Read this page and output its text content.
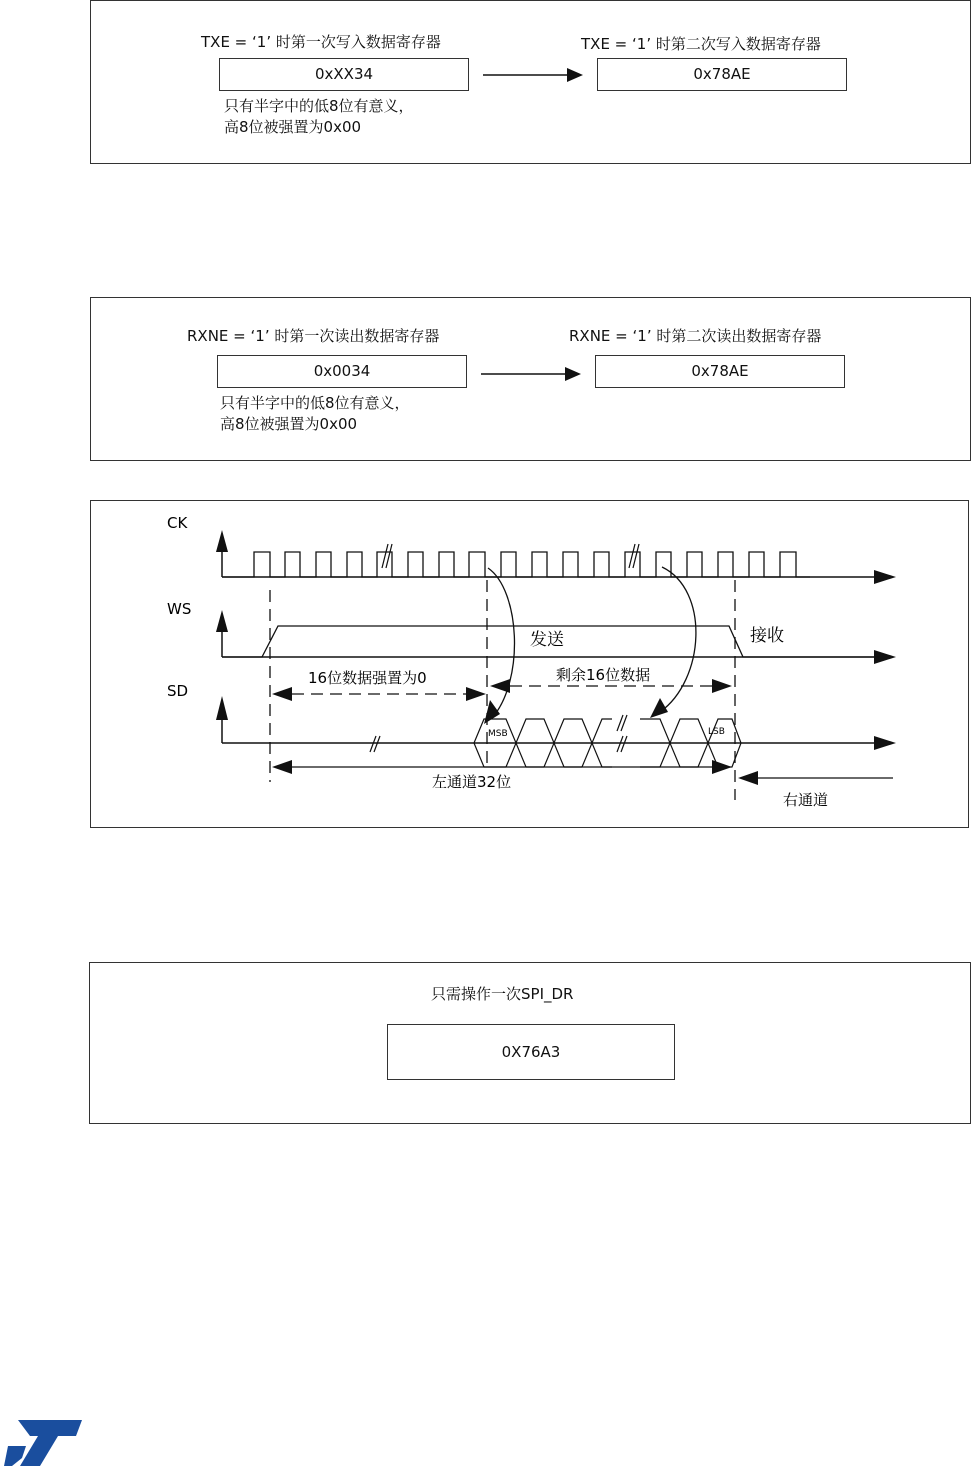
TXE = ‘1’ 时第一次写入数据寄存器	TXE = ‘1’ 时第二次写入数据寄存器
0xXX34	0x78AE
只有半字中的低8位有意义，
高8位被强置为0x00
RXNE = ‘1’ 时第一次读出数据寄存器	RXNE = ‘1’ 时第二次读出数据寄存器
0x0034	0x78AE
只有半字中的低8位有意义，
高8位被强置为0x00
CK
WS
SD
发送	接收
16位数据强置为0	剩余16位数据
MSB	LSB
左通道32位
右通道
只需操作一次SPI_DR
0X76A3
